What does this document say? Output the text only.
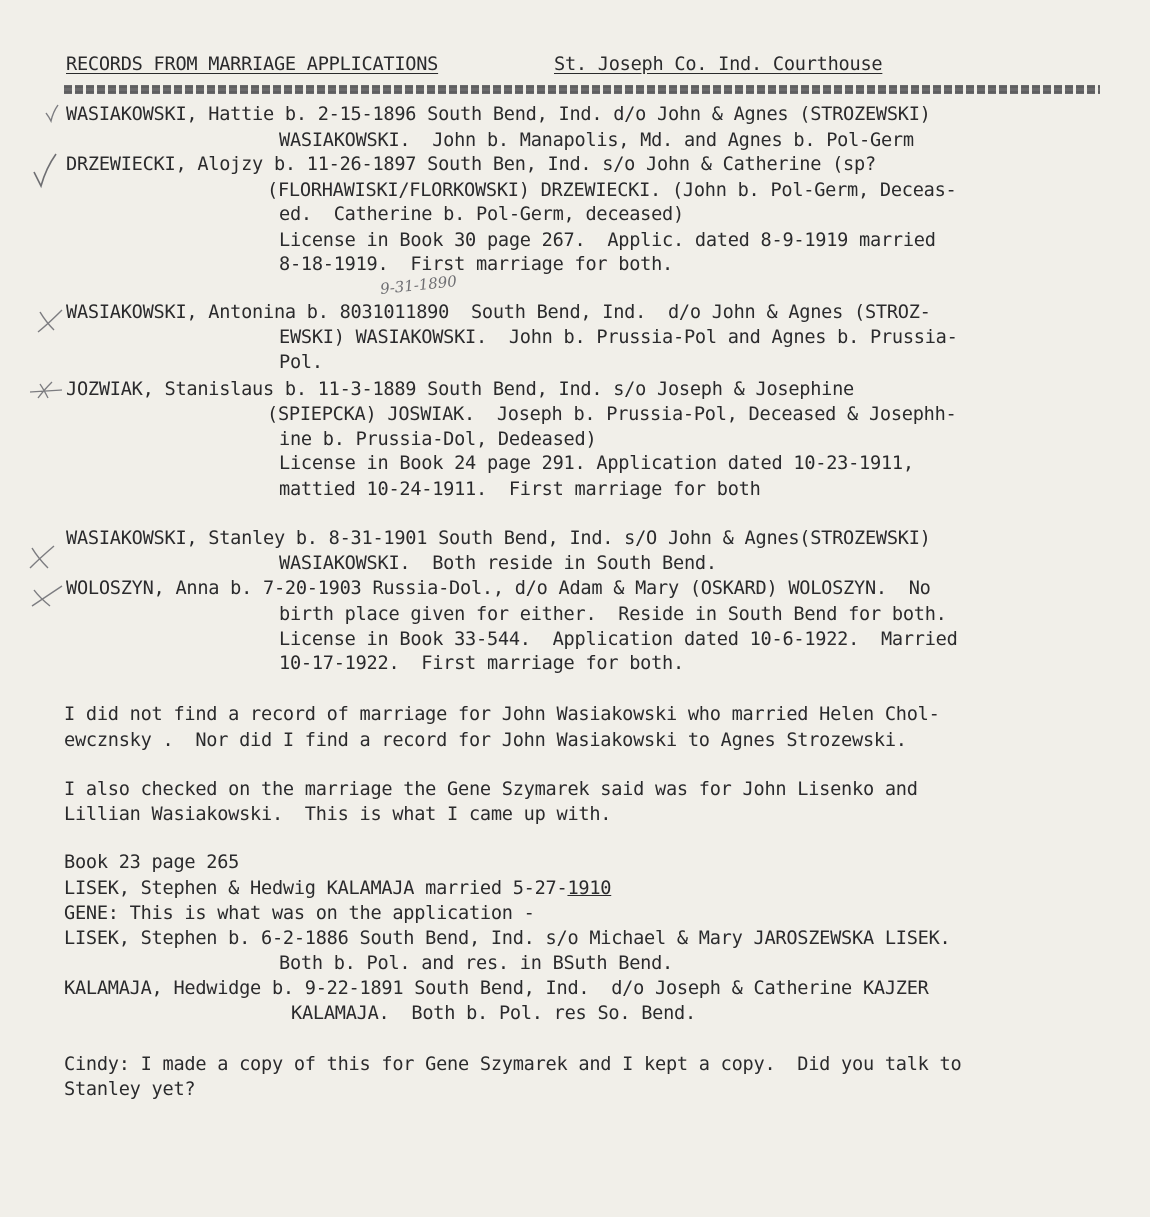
RECORDS FROM MARRIAGE APPLICATIONS	St. Joseph Co. Ind. Courthouse
9-31-1890
WASIAKOWSKI, Hattie b. 2-15-1896 South Bend, Ind. d/o John & Agnes (STROZEWSKI)
WASIAKOWSKI.  John b. Manapolis, Md. and Agnes b. Pol-Germ
DRZEWIECKI, Alojzy b. 11-26-1897 South Ben, Ind. s/o John & Catherine (sp?
(FLORHAWISKI/FLORKOWSKI) DRZEWIECKI. (John b. Pol-Germ, Deceas-
ed.  Catherine b. Pol-Germ, deceased)
License in Book 30 page 267.  Applic. dated 8-9-1919 married
8-18-1919.  First marriage for both.
WASIAKOWSKI, Antonina b. 8031011890  South Bend, Ind.  d/o John & Agnes (STROZ-
EWSKI) WASIAKOWSKI.  John b. Prussia-Pol and Agnes b. Prussia-
Pol.
JOZWIAK, Stanislaus b. 11-3-1889 South Bend, Ind. s/o Joseph & Josephine
(SPIEPCKA) JOSWIAK.  Joseph b. Prussia-Pol, Deceased & Josephh-
ine b. Prussia-Dol, Dedeased)
License in Book 24 page 291. Application dated 10-23-1911,
mattied 10-24-1911.  First marriage for both
WASIAKOWSKI, Stanley b. 8-31-1901 South Bend, Ind. s/O John & Agnes(STROZEWSKI)
WASIAKOWSKI.  Both reside in South Bend.
WOLOSZYN, Anna b. 7-20-1903 Russia-Dol., d/o Adam & Mary (OSKARD) WOLOSZYN.  No
birth place given for either.  Reside in South Bend for both.
License in Book 33-544.  Application dated 10-6-1922.  Married
10-17-1922.  First marriage for both.
I did not find a record of marriage for John Wasiakowski who married Helen Chol-
ewcznsky .  Nor did I find a record for John Wasiakowski to Agnes Strozewski.
I also checked on the marriage the Gene Szymarek said was for John Lisenko and
Lillian Wasiakowski.  This is what I came up with.
Book 23 page 265
LISEK, Stephen & Hedwig KALAMAJA married 5-27-1910
GENE: This is what was on the application -
LISEK, Stephen b. 6-2-1886 South Bend, Ind. s/o Michael & Mary JAROSZEWSKA LISEK.
Both b. Pol. and res. in BSuth Bend.
KALAMAJA, Hedwidge b. 9-22-1891 South Bend, Ind.  d/o Joseph & Catherine KAJZER
KALAMAJA.  Both b. Pol. res So. Bend.
Cindy: I made a copy of this for Gene Szymarek and I kept a copy.  Did you talk to
Stanley yet?
